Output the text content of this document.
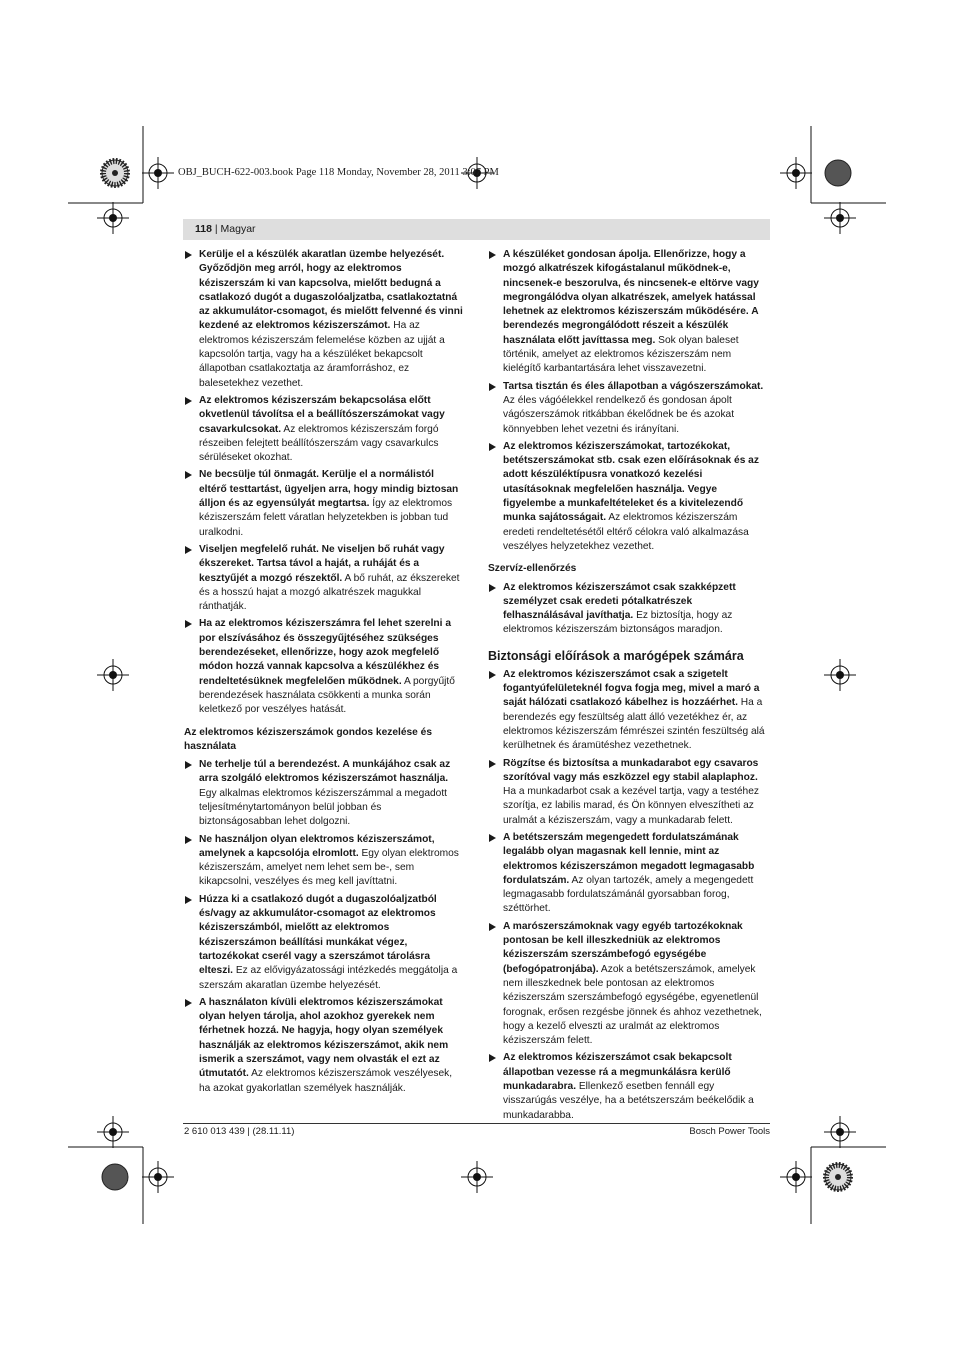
OBJ_BUCH-622-003.book Page 118 Monday, November 28, 2011 3:07 PM
118 | Magyar
Kerülje el a készülék akaratlan üzembe helyezését. Győződjön meg arról, hogy az elektromos kéziszerszám ki van kapcsolva, mielőtt bedugná a csatlakozó dugót a dugaszolóaljzatba, csatlakoztatná az akkumulátor-csomagot, és mielőtt felvenné és vinni kezdené az elektromos kéziszerszámot. Ha az elektromos kéziszerszám felemelése közben az ujját a kapcsolón tartja, vagy ha a készüléket bekapcsolt állapotban csatlakoztatja az áramforráshoz, ez balesetekhez vezethet.
Az elektromos kéziszerszám bekapcsolása előtt okvetlenül távolítsa el a beállítószerszámokat vagy csavarkulcsokat. Az elektromos kéziszerszám forgó részeiben felejtett beállítószerszám vagy csavarkulcs sérüléseket okozhat.
Ne becsülje túl önmagát. Kerülje el a normálistól eltérő testtartást, ügyeljen arra, hogy mindig biztosan álljon és az egyensúlyát megtartsa. Így az elektromos kéziszerszám felett váratlan helyzetekben is jobban tud uralkodni.
Viseljen megfelelő ruhát. Ne viseljen bő ruhát vagy ékszereket. Tartsa távol a haját, a ruháját és a kesztyűjét a mozgó részektől. A bő ruhát, az ékszereket és a hosszú hajat a mozgó alkatrészek magukkal ránthatják.
Ha az elektromos kéziszerszámra fel lehet szerelni a por elszívásához és összegyűjtéséhez szükséges berendezéseket, ellenőrizze, hogy azok megfelelő módon hozzá vannak kapcsolva a készülékhez és rendeltetésüknek megfelelően működnek. A porgyűjtő berendezések használata csökkenti a munka során keletkező por veszélyes hatását.
Az elektromos kéziszerszámok gondos kezelése és használata
Ne terhelje túl a berendezést. A munkájához csak az arra szolgáló elektromos kéziszerszámot használja. Egy alkalmas elektromos kéziszerszámmal a megadott teljesítménytartományon belül jobban és biztonságosabban lehet dolgozni.
Ne használjon olyan elektromos kéziszerszámot, amelynek a kapcsolója elromlott. Egy olyan elektromos kéziszerszám, amelyet nem lehet sem be-, sem kikapcsolni, veszélyes és meg kell javíttatni.
Húzza ki a csatlakozó dugót a dugaszolóaljzatból és/vagy az akkumulátor-csomagot az elektromos kéziszerszámból, mielőtt az elektromos kéziszerszámon beállítási munkákat végez, tartozékokat cserél vagy a szerszámot tárolásra elteszi. Ez az elővigyázatossági intézkedés meggátolja a szerszám akaratlan üzembe helyezését.
A használaton kívüli elektromos kéziszerszámokat olyan helyen tárolja, ahol azokhoz gyerekek nem férhetnek hozzá. Ne hagyja, hogy olyan személyek használják az elektromos kéziszerszámot, akik nem ismerik a szerszámot, vagy nem olvasták el ezt az útmutatót. Az elektromos kéziszerszámok veszélyesek, ha azokat gyakorlatlan személyek használják.
A készüléket gondosan ápolja. Ellenőrizze, hogy a mozgó alkatrészek kifogástalanul működnek-e, nincsenek-e beszorulva, és nincsenek-e eltörve vagy megrongálódva olyan alkatrészek, amelyek hatással lehetnek az elektromos kéziszerszám működésére. A berendezés megrongálódott részeit a készülék használata előtt javíttassa meg. Sok olyan baleset történik, amelyet az elektromos kéziszerszám nem kielégítő karbantartására lehet visszavezetni.
Tartsa tisztán és éles állapotban a vágószerszámokat. Az éles vágóélekkel rendelkező és gondosan ápolt vágószerszámok ritkábban ékelődnek be és azokat könnyebben lehet vezetni és irányítani.
Az elektromos kéziszerszámokat, tartozékokat, betétszerszámokat stb. csak ezen előírásoknak és az adott készüléktípusra vonatkozó kezelési utasításoknak megfelelően használja. Vegye figyelembe a munkafeltételeket és a kivitelezendő munka sajátosságait. Az elektromos kéziszerszám eredeti rendeltetésétől eltérő célokra való alkalmazása veszélyes helyzetekhez vezethet.
Szervíz-ellenőrzés
Az elektromos kéziszerszámot csak szakképzett személyzet csak eredeti pótalkatrészek felhasználásával javíthatja. Ez biztosítja, hogy az elektromos kéziszerszám biztonságos maradjon.
Biztonsági előírások a marógépek számára
Az elektromos kéziszerszámot csak a szigetelt fogantyúfelületeknél fogva fogja meg, mivel a maró a saját hálózati csatlakozó kábelhez is hozzáérhet. Ha a berendezés egy feszültség alatt álló vezetékhez ér, az elektromos kéziszerszám fémrészei szintén feszültség alá kerülhetnek és áramütéshez vezethetnek.
Rögzítse és biztosítsa a munkadarabot egy csavaros szorítóval vagy más eszközzel egy stabil alaplaphoz. Ha a munkadarbot csak a kezével tartja, vagy a testéhez szorítja, ez labilis marad, és Ön könnyen elveszítheti az uralmát a kéziszerszám, vagy a munkadarab felett.
A betétszerszám megengedett fordulatszámának legalább olyan magasnak kell lennie, mint az elektromos kéziszerszámon megadott legmagasabb fordulatszám. Az olyan tartozék, amely a megengedett legmagasabb fordulatszámánál gyorsabban forog, széttörhet.
A marószerszámoknak vagy egyéb tartozékoknak pontosan be kell illeszkedniük az elektromos kéziszerszám szerszámbefogó egységébe (befogópatronjába). Azok a betétszerszámok, amelyek nem illeszkednek bele pontosan az elektromos kéziszerszám szerszámbefogó egységébe, egyenetlenül forognak, erősen rezgésbe jönnek és ahhoz vezethetnek, hogy a kezelő elveszti az uralmát az elektromos kéziszerszám felett.
Az elektromos kéziszerszámot csak bekapcsolt állapotban vezesse rá a megmunkálásra kerülő munkadarabra. Ellenkező esetben fennáll egy visszarúgás veszélye, ha a betétszerszám beékelődik a munkadarabba.
2 610 013 439 | (28.11.11)	Bosch Power Tools
